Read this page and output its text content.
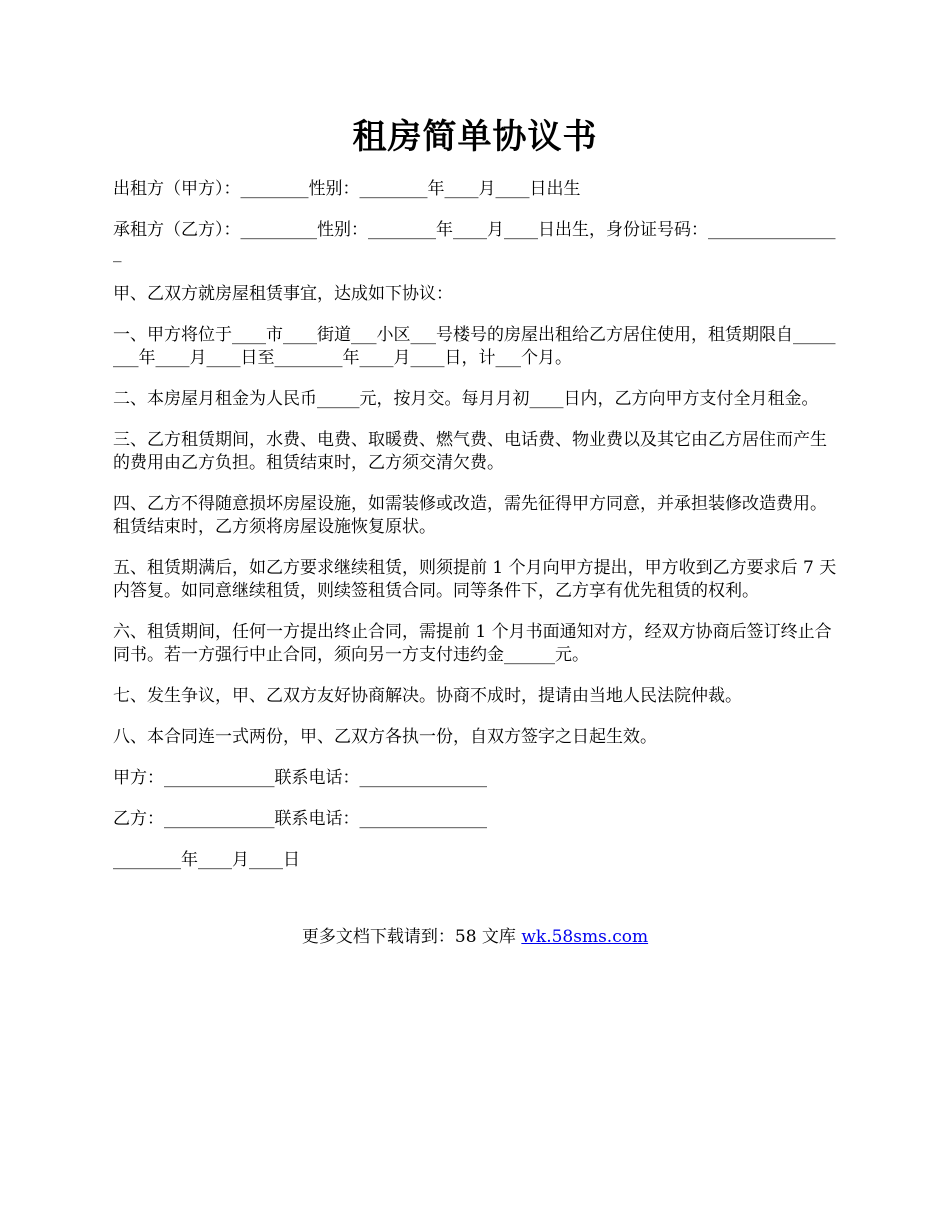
租房简单协议书

出租方（甲方）：________性别：________年____月____日出生

承租方（乙方）：_________性别：________年____月____日出生，身份证号码：________________

甲、乙双方就房屋租赁事宜，达成如下协议：

一、甲方将位于____市____街道___小区___号楼号的房屋出租给乙方居住使用，租赁期限自________年____月____日至________年____月____日，计___个月。

二、本房屋月租金为人民币_____元，按月交。每月月初____日内，乙方向甲方支付全月租金。

三、乙方租赁期间，水费、电费、取暖费、燃气费、电话费、物业费以及其它由乙方居住而产生的费用由乙方负担。租赁结束时，乙方须交清欠费。

四、乙方不得随意损坏房屋设施，如需装修或改造，需先征得甲方同意，并承担装修改造费用。租赁结束时，乙方须将房屋设施恢复原状。

五、租赁期满后，如乙方要求继续租赁，则须提前 1 个月向甲方提出，甲方收到乙方要求后 7 天内答复。如同意继续租赁，则续签租赁合同。同等条件下，乙方享有优先租赁的权利。

六、租赁期间，任何一方提出终止合同，需提前 1 个月书面通知对方，经双方协商后签订终止合同书。若一方强行中止合同，须向另一方支付违约金______元。

七、发生争议，甲、乙双方友好协商解决。协商不成时，提请由当地人民法院仲裁。

八、本合同连一式两份，甲、乙双方各执一份，自双方签字之日起生效。

甲方：_____________联系电话：_______________

乙方：_____________联系电话：_______________

________年____月____日

更多文档下载请到：58 文库 wk.58sms.com
